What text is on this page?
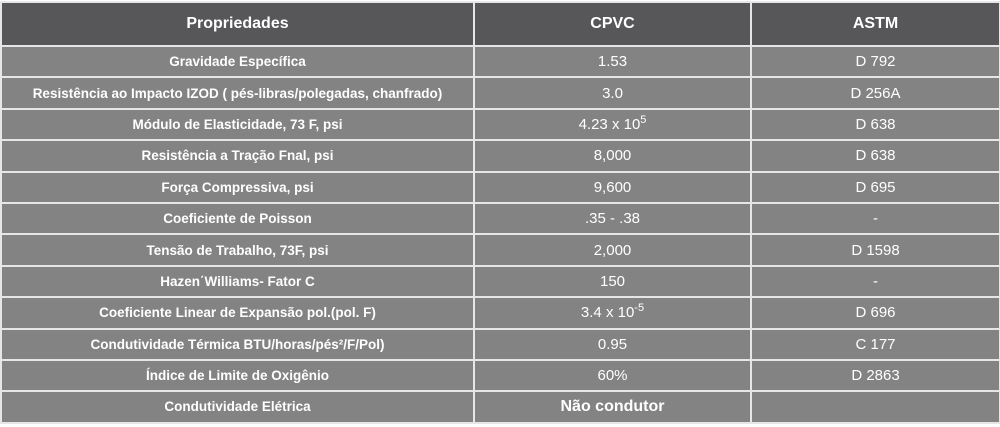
Propriedades	CPVC	ASTM
Gravidade Específica	1.53	D 792
Resistência ao Impacto IZOD ( pés-libras/polegadas, chanfrado)	3.0	D 256A
Módulo de Elasticidade, 73 F, psi	4.23 x $10^5$	D 638
Resistência a Tração Fnal, psi	8,000	D 638
Força Compressiva, psi	9,600	D 695
Coeficiente de Poisson	.35 - .38	-
Tensão de Trabalho, 73F, psi	2,000	D 1598
Hazen΄Williams- Fator C	150	-
Coeficiente Linear de Expansão pol.(pol. F)	3.4 x $10^{-5}$	D 696
Condutividade Térmica BTU/horas/pés²/F/Pol)	0.95	C 177
Índice de Limite de Oxigênio	60%	D 2863
Condutividade Elétrica	Não condutor	
